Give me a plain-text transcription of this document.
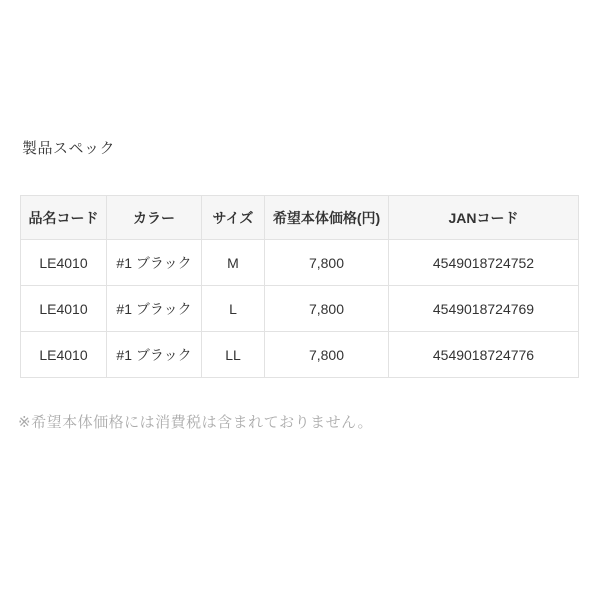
製品スペック
品名コード	カラー	サイズ	希望本体価格(円)	JANコード
LE4010	#1 ブラック	M	7,800	4549018724752
LE4010	#1 ブラック	L	7,800	4549018724769
LE4010	#1 ブラック	LL	7,800	4549018724776
※希望本体価格には消費税は含まれておりません。
